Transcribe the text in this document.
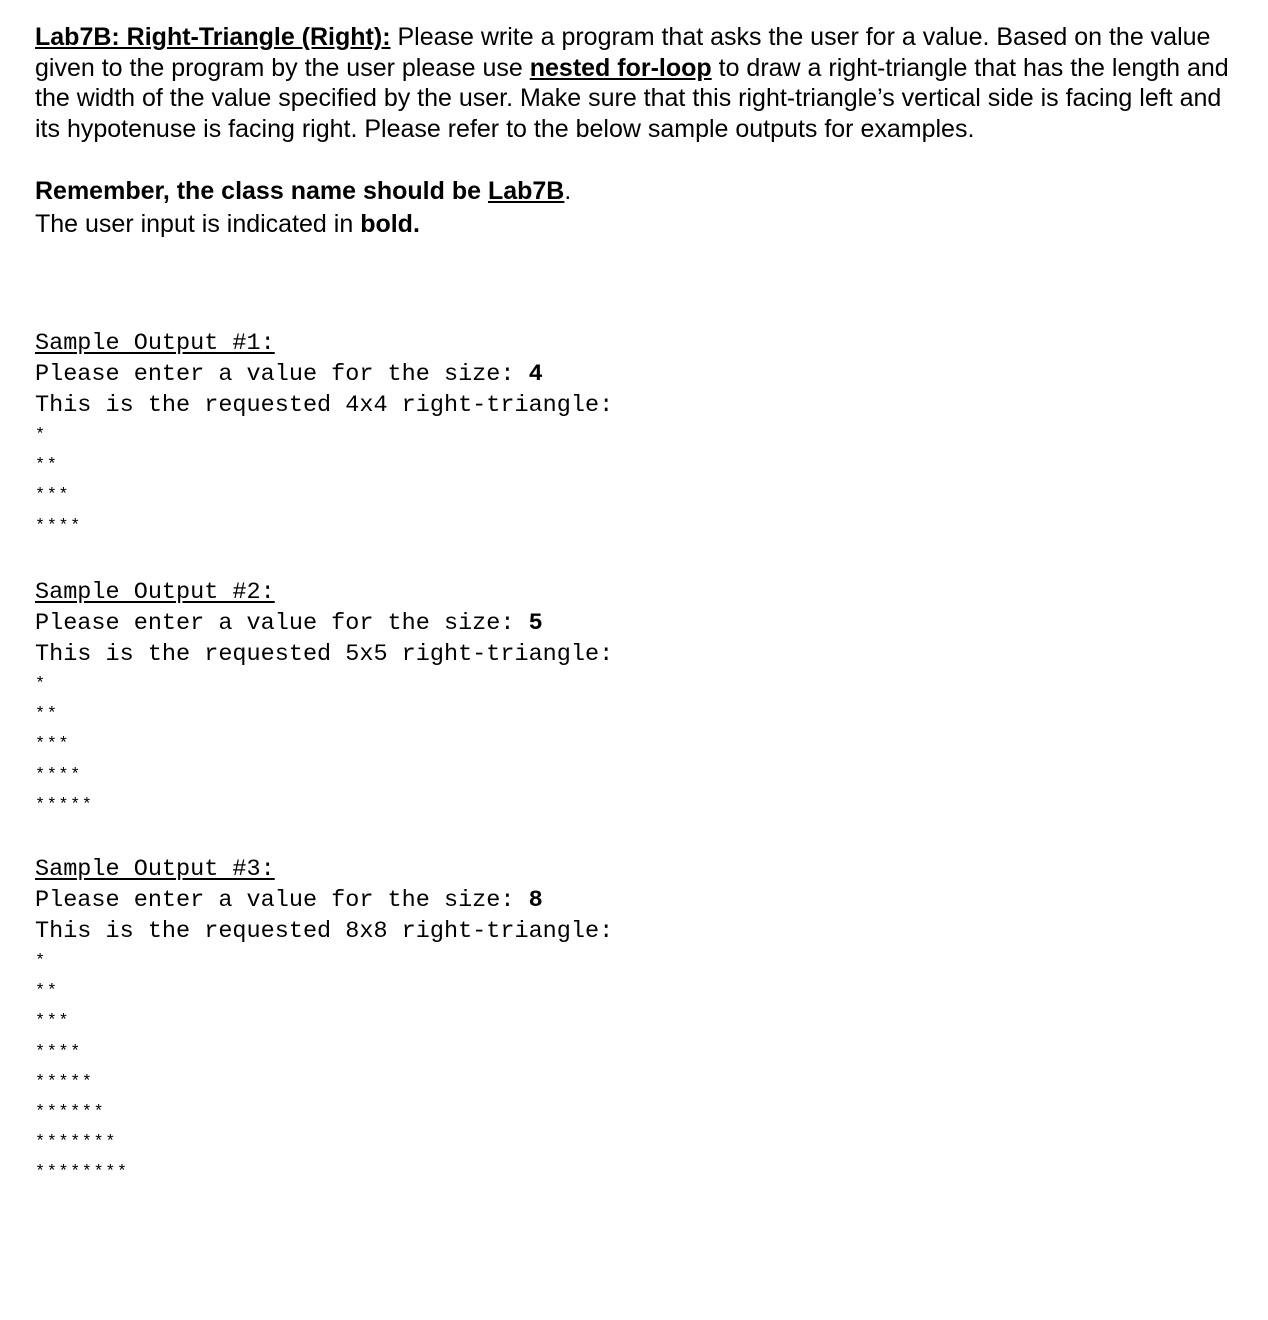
Lab7B: Right-Triangle (Right): Please write a program that asks the user for a value. Based on the value given to the program by the user please use nested for-loop to draw a right-triangle that has the length and the width of the value specified by the user. Make sure that this right-triangle’s vertical side is facing left and its hypotenuse is facing right. Please refer to the below sample outputs for examples.

Remember, the class name should be Lab7B.
The user input is indicated in bold.
Sample Output #1:
Please enter a value for the size: 4
This is the requested 4x4 right-triangle:
*
**
***
****
Sample Output #2:
Please enter a value for the size: 5
This is the requested 5x5 right-triangle:
*
**
***
****
*****
Sample Output #3:
Please enter a value for the size: 8
This is the requested 8x8 right-triangle:
*
**
***
****
*****
******
*******
********
